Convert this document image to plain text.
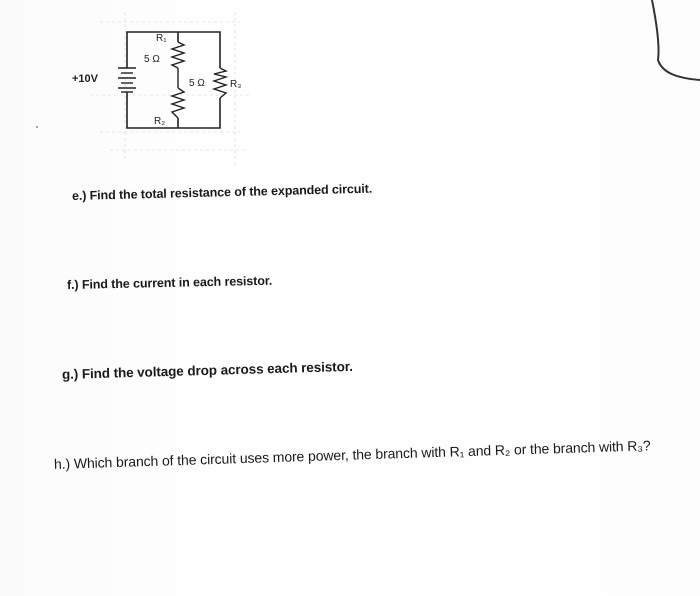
+10V
R₁
5 Ω
R₂
5 Ω	R₃
e.) Find the total resistance of the expanded circuit.
f.) Find the current in each resistor.
g.) Find the voltage drop across each resistor.
h.) Which branch of the circuit uses more power, the branch with R₁ and R₂ or the branch with R₃?
